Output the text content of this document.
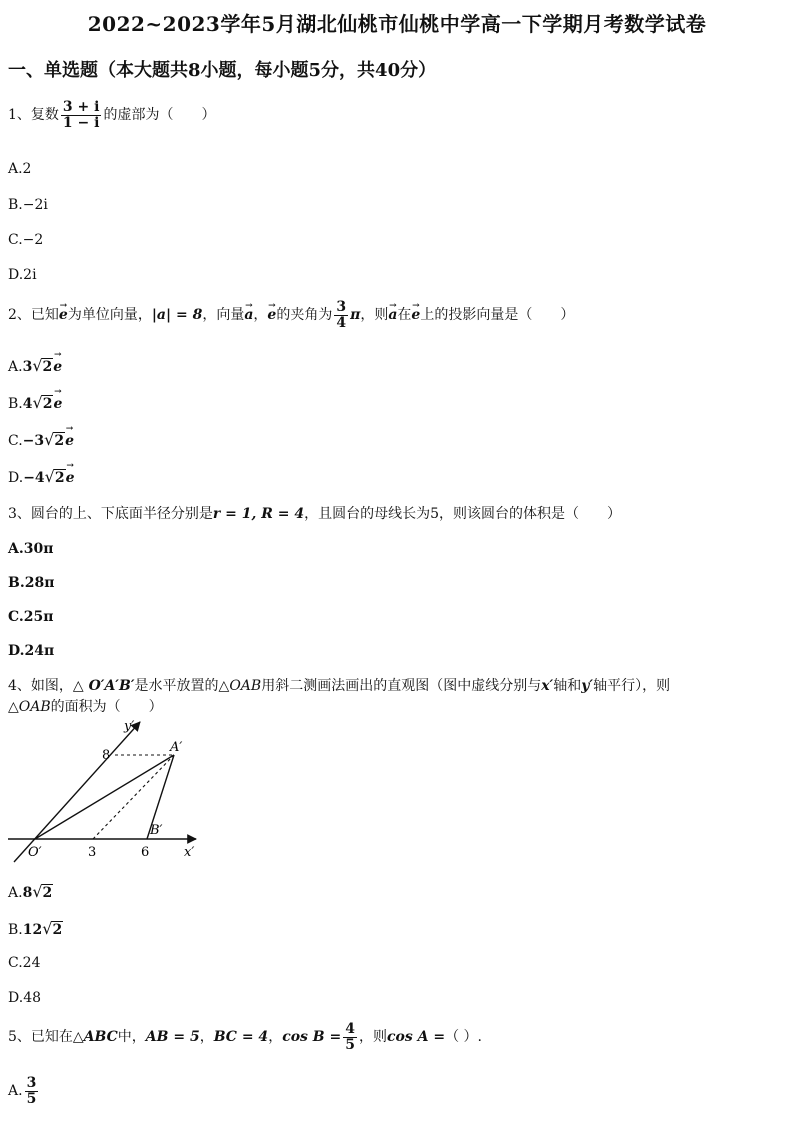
2022~2023学年5月湖北仙桃市仙桃中学高一下学期月考数学试卷
一、单选题（本大题共8小题，每小题5分，共40分）
1、复数 $\frac{3 + i}{1 - i}$ 的虚部为（　　）
A.2
B.−2i
C.−2
D.2i
2、已知→ e为单位向量，|a| = 8，向量→ a，→ e的夹角为 $\frac{3}{4}$ π，则→ a在→ e上的投影向量是（　　）
A.3 √ 2 → e
B.4 √ 2 → e
C.−3 √ 2 → e
D.−4 √ 2 → e
3、圆台的上、下底面半径分别是r = 1, R = 4，且圆台的母线长为5，则该圆台的体积是（　　）
A.30π
B.28π
C.25π
D.24π
4、如图，△ O′A′B′是水平放置的△OAB用斜二测画法画出的直观图（图中虚线分别与x′轴和y′轴平行），则
△OAB的面积为（　　）
y′
8
A′
B′
O′	3	6	x′
A.8 √ 2
B.12 √ 2
C.24
D.48
5、已知在△ABC中，AB = 5，BC = 4，$\cos B = \frac{4}{5}$ ，则cos A =（ ）.
A. $\frac{3}{5}$
